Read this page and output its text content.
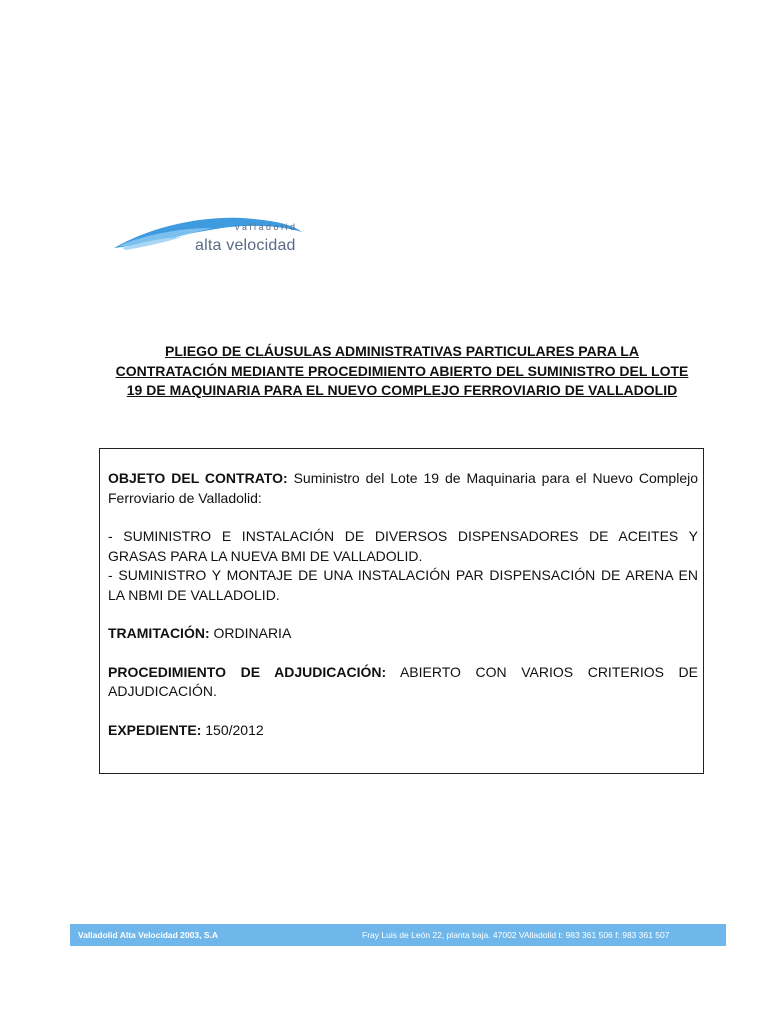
valladolid
alta velocidad
PLIEGO DE CLÁUSULAS ADMINISTRATIVAS PARTICULARES PARA LA CONTRATACIÓN MEDIANTE PROCEDIMIENTO ABIERTO DEL SUMINISTRO DEL LOTE 19 DE MAQUINARIA PARA EL NUEVO COMPLEJO FERROVIARIO DE VALLADOLID

OBJETO DEL CONTRATO: Suministro del Lote 19 de Maquinaria para el Nuevo Complejo Ferroviario de Valladolid:

- SUMINISTRO E INSTALACIÓN DE DIVERSOS DISPENSADORES DE ACEITES Y GRASAS PARA LA NUEVA BMI DE VALLADOLID.

- SUMINISTRO Y MONTAJE DE UNA INSTALACIÓN PAR DISPENSACIÓN DE ARENA EN LA NBMI DE VALLADOLID.

TRAMITACIÓN: ORDINARIA

PROCEDIMIENTO DE ADJUDICACIÓN: ABIERTO CON VARIOS CRITERIOS DE ADJUDICACIÓN.

EXPEDIENTE: 150/2012

Valladolid Alta Velocidad 2003, S.A	Fray Luis de León 22, planta baja. 47002 VAlladolid t: 983 361 506 f: 983 361 507
